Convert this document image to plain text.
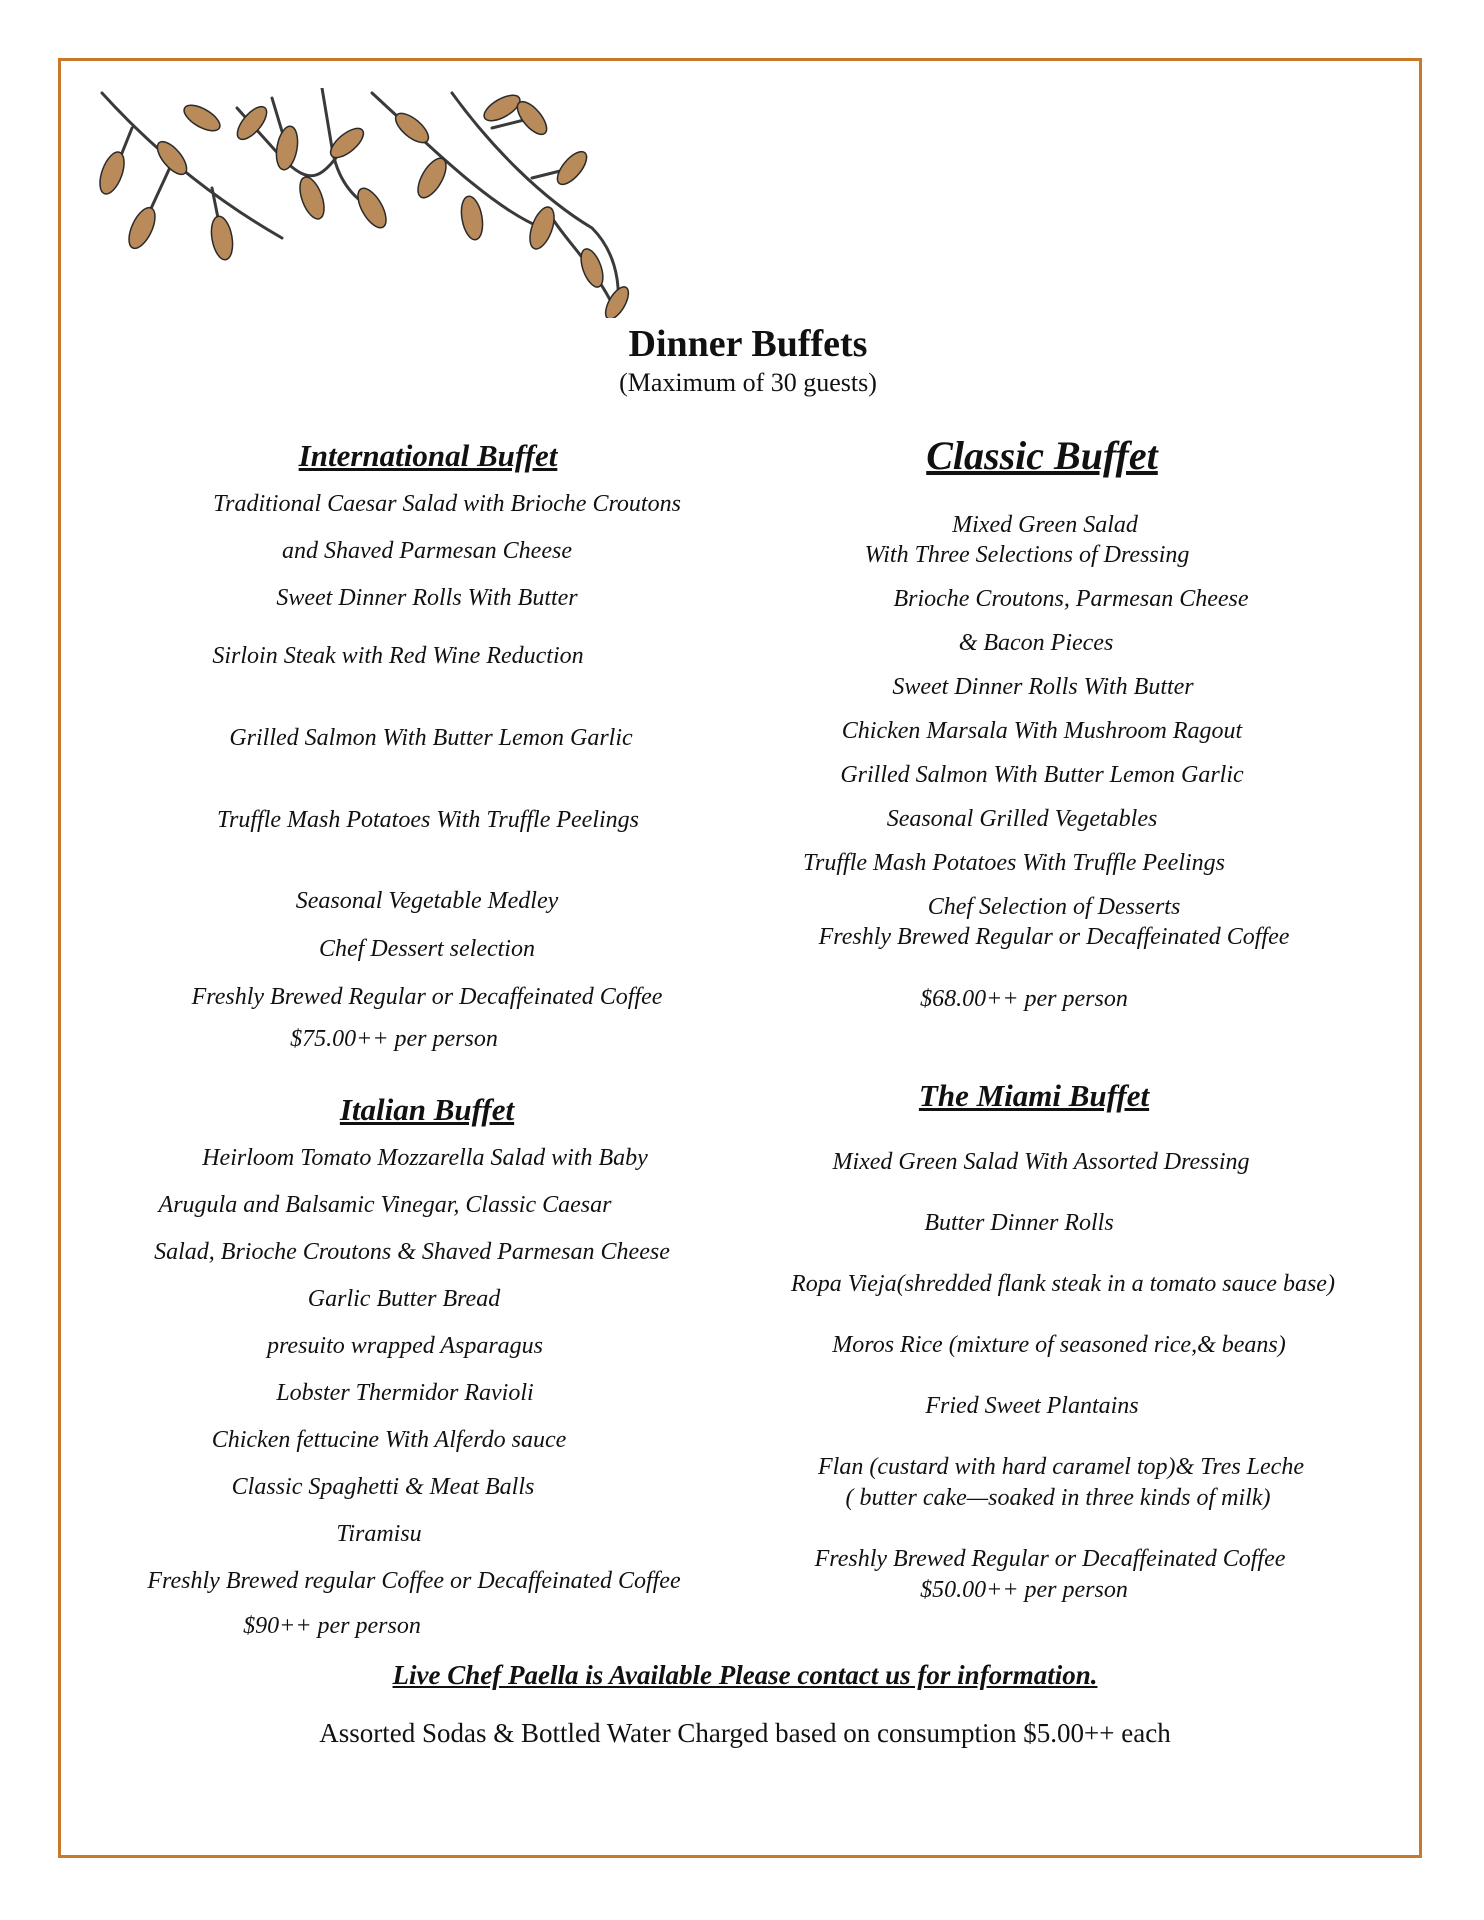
Dinner Buffets
(Maximum of 30 guests)
International Buffet
Traditional Caesar Salad with Brioche Croutons
and Shaved Parmesan Cheese
Sweet Dinner Rolls With Butter
Sirloin Steak with Red Wine Reduction
Grilled Salmon With Butter Lemon Garlic
Truffle Mash Potatoes With Truffle Peelings
Seasonal Vegetable Medley
Chef Dessert selection
Freshly Brewed Regular or Decaffeinated Coffee
$75.00++ per person
Classic Buffet
Mixed Green Salad
With Three Selections of Dressing
Brioche Croutons, Parmesan Cheese
& Bacon Pieces
Sweet Dinner Rolls With Butter
Chicken Marsala With Mushroom Ragout
Grilled Salmon With Butter Lemon Garlic
Seasonal Grilled Vegetables
Truffle Mash Potatoes With Truffle Peelings
Chef Selection of Desserts
Freshly Brewed Regular or Decaffeinated Coffee
$68.00++ per person
Italian Buffet
Heirloom Tomato Mozzarella Salad with Baby
Arugula and Balsamic Vinegar, Classic Caesar
Salad, Brioche Croutons & Shaved Parmesan Cheese
Garlic Butter Bread
presuito wrapped Asparagus
Lobster Thermidor Ravioli
Chicken fettucine With Alferdo sauce
Classic Spaghetti & Meat Balls
Tiramisu
Freshly Brewed regular Coffee or Decaffeinated Coffee
$90++ per person
The Miami Buffet
Mixed Green Salad With Assorted Dressing
Butter Dinner Rolls
Ropa Vieja(shredded flank steak in a tomato sauce base)
Moros Rice (mixture of seasoned rice,& beans)
Fried Sweet Plantains
Flan (custard with hard caramel top)& Tres Leche
( butter cake—soaked in three kinds of milk)
Freshly Brewed Regular or Decaffeinated Coffee
$50.00++ per person
Live Chef Paella is Available Please contact us for information.
Assorted Sodas & Bottled Water Charged based on consumption $5.00++ each
